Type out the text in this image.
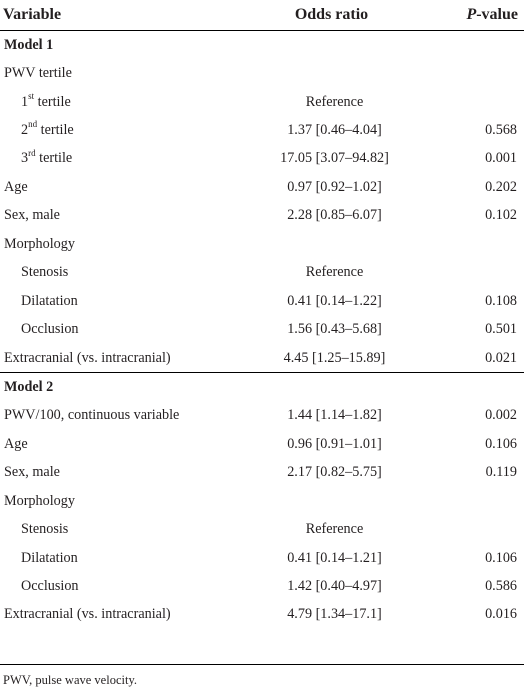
Variable	Odds ratio	P-value
Model 1		
PWV tertile		
1st tertile	Reference	
2nd tertile	1.37 [0.46–4.04]	0.568
3rd tertile	17.05 [3.07–94.82]	0.001
Age	0.97 [0.92–1.02]	0.202
Sex, male	2.28 [0.85–6.07]	0.102
Morphology		
Stenosis	Reference	
Dilatation	0.41 [0.14–1.22]	0.108
Occlusion	1.56 [0.43–5.68]	0.501
Extracranial (vs. intracranial)	4.45 [1.25–15.89]	0.021
Model 2		
PWV/100, continuous variable	1.44 [1.14–1.82]	0.002
Age	0.96 [0.91–1.01]	0.106
Sex, male	2.17 [0.82–5.75]	0.119
Morphology		
Stenosis	Reference	
Dilatation	0.41 [0.14–1.21]	0.106
Occlusion	1.42 [0.40–4.97]	0.586
Extracranial (vs. intracranial)	4.79 [1.34–17.1]	0.016
PWV, pulse wave velocity.
